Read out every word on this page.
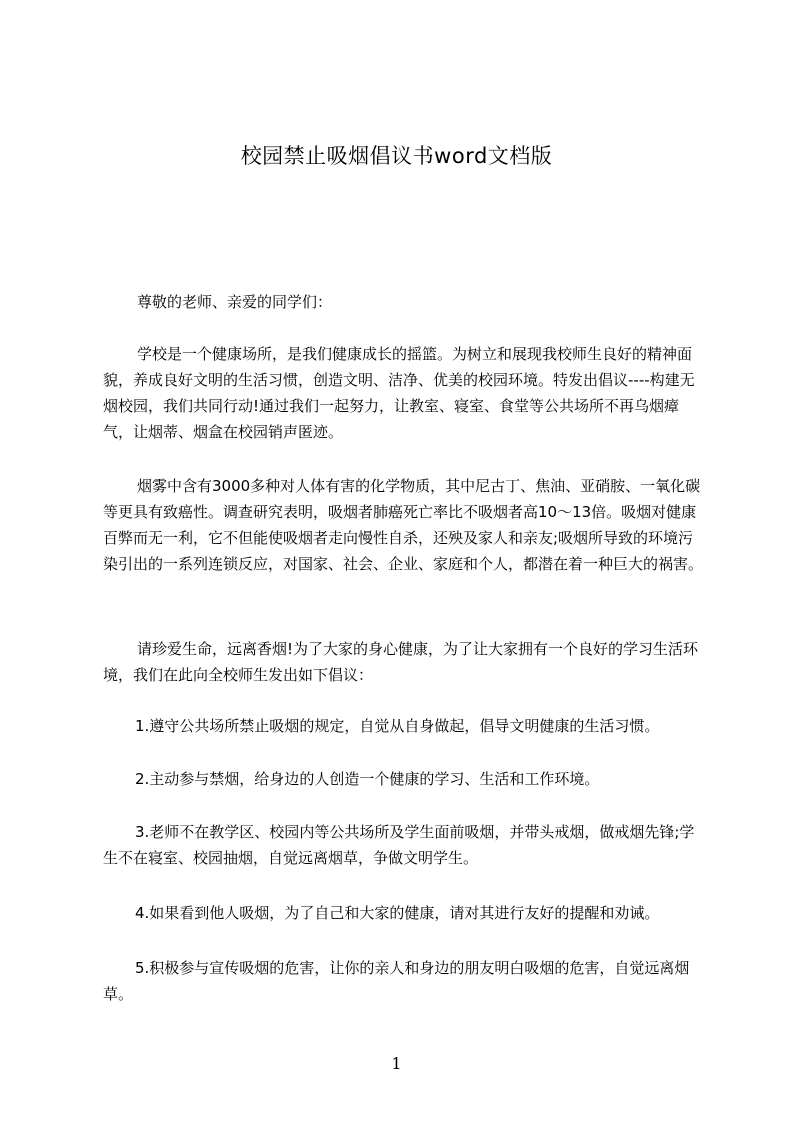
校园禁止吸烟倡议书word文档版
尊敬的老师、亲爱的同学们：

学校是一个健康场所，是我们健康成长的摇篮。为树立和展现我校师生良好的精神面貌，养成良好文明的生活习惯，创造文明、洁净、优美的校园环境。特发出倡议----构建无烟校园，我们共同行动!通过我们一起努力，让教室、寝室、食堂等公共场所不再乌烟瘴气，让烟蒂、烟盒在校园销声匿迹。

烟雾中含有3000多种对人体有害的化学物质，其中尼古丁、焦油、亚硝胺、一氧化碳等更具有致癌性。调查研究表明，吸烟者肺癌死亡率比不吸烟者高10～13倍。吸烟对健康百弊而无一利，它不但能使吸烟者走向慢性自杀，还殃及家人和亲友;吸烟所导致的环境污染引出的一系列连锁反应，对国家、社会、企业、家庭和个人，都潜在着一种巨大的祸害。

请珍爱生命，远离香烟!为了大家的身心健康，为了让大家拥有一个良好的学习生活环境，我们在此向全校师生发出如下倡议：

1.遵守公共场所禁止吸烟的规定，自觉从自身做起，倡导文明健康的生活习惯。

2.主动参与禁烟，给身边的人创造一个健康的学习、生活和工作环境。

3.老师不在教学区、校园内等公共场所及学生面前吸烟，并带头戒烟，做戒烟先锋;学生不在寝室、校园抽烟，自觉远离烟草，争做文明学生。

4.如果看到他人吸烟，为了自己和大家的健康，请对其进行友好的提醒和劝诫。

5.积极参与宣传吸烟的危害，让你的亲人和身边的朋友明白吸烟的危害，自觉远离烟草。

1
